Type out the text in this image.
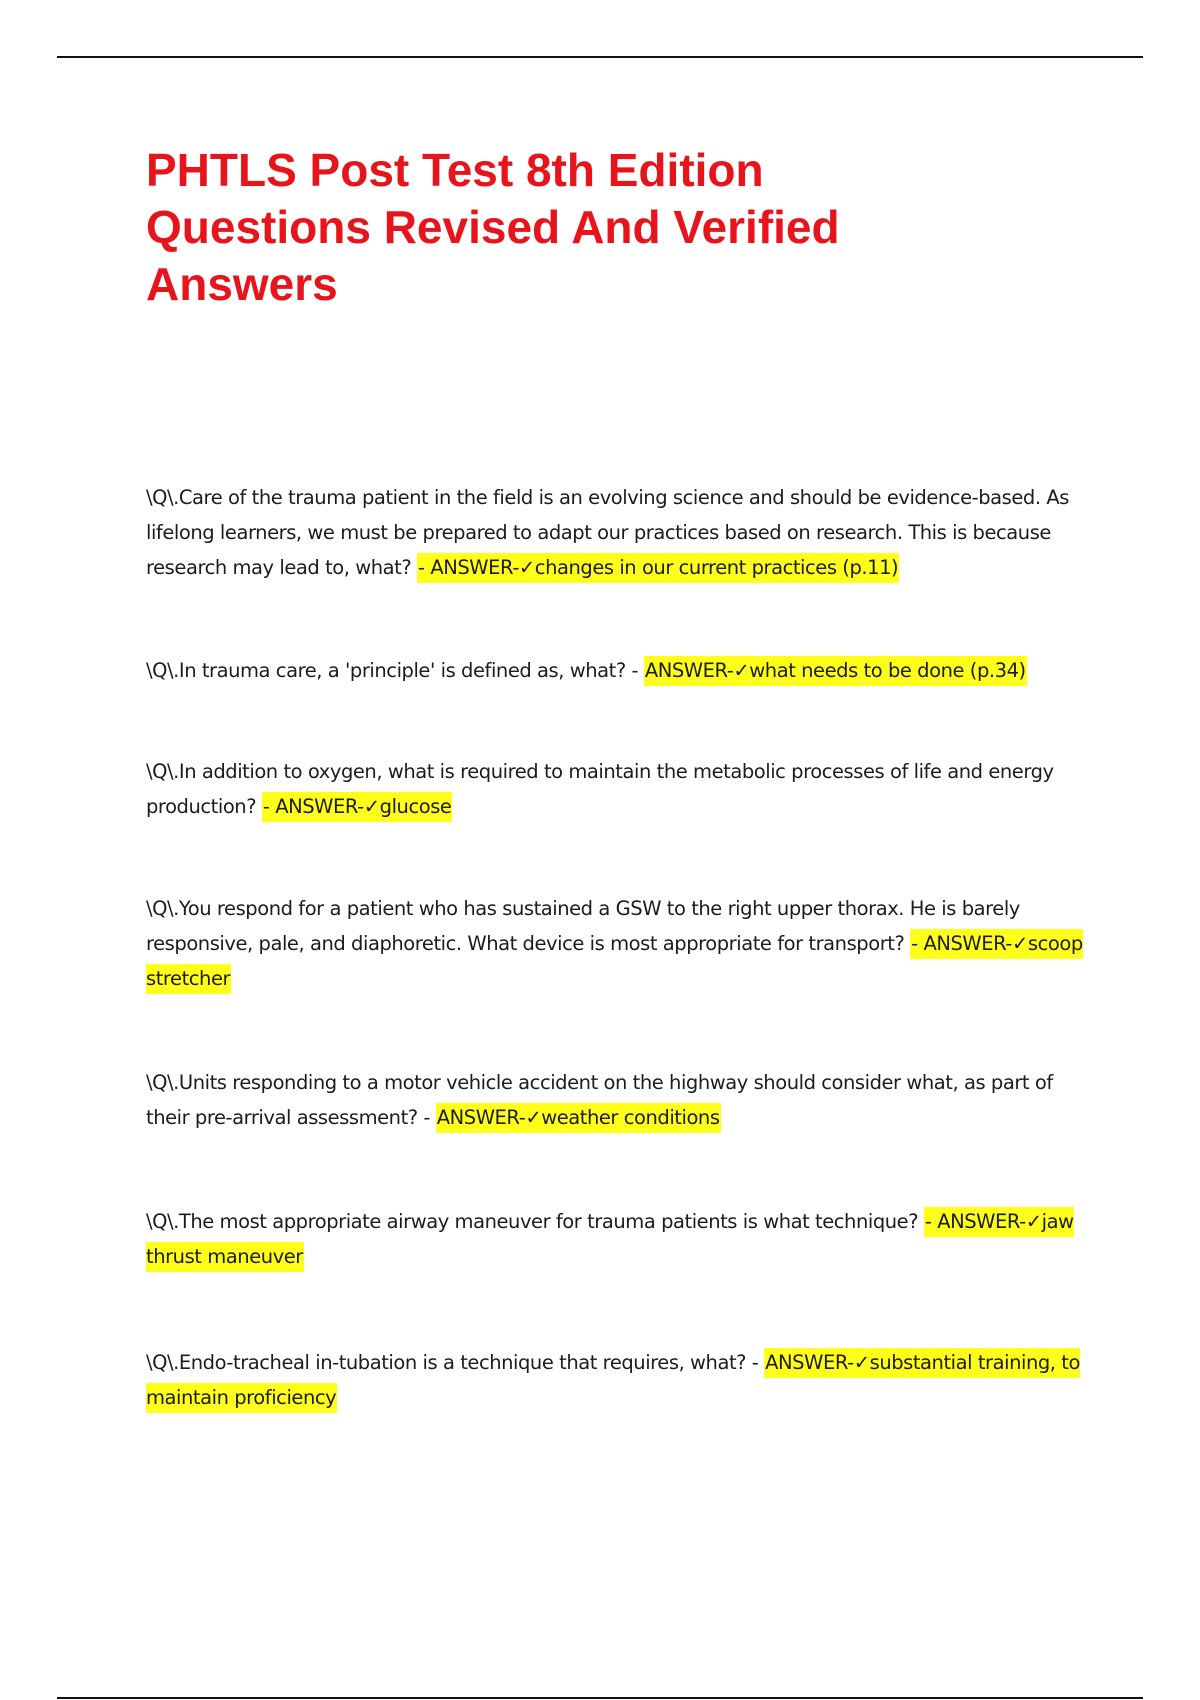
PHTLS Post Test 8th Edition
Questions Revised And Verified
Answers

\Q\.Care of the trauma patient in the field is an evolving science and should be evidence-based. As lifelong learners, we must be prepared to adapt our practices based on research. This is because research may lead to, what? - ANSWER-✓changes in our current practices (p.11)

\Q\.In trauma care, a 'principle' is defined as, what? - ANSWER-✓what needs to be done (p.34)

\Q\.In addition to oxygen, what is required to maintain the metabolic processes of life and energy production? - ANSWER-✓glucose

\Q\.You respond for a patient who has sustained a GSW to the right upper thorax. He is barely responsive, pale, and diaphoretic. What device is most appropriate for transport? - ANSWER-✓scoop stretcher

\Q\.Units responding to a motor vehicle accident on the highway should consider what, as part of their pre-arrival assessment? - ANSWER-✓weather conditions

\Q\.The most appropriate airway maneuver for trauma patients is what technique? - ANSWER-✓jaw thrust maneuver

\Q\.Endo-tracheal in-tubation is a technique that requires, what? - ANSWER-✓substantial training, to maintain proficiency
